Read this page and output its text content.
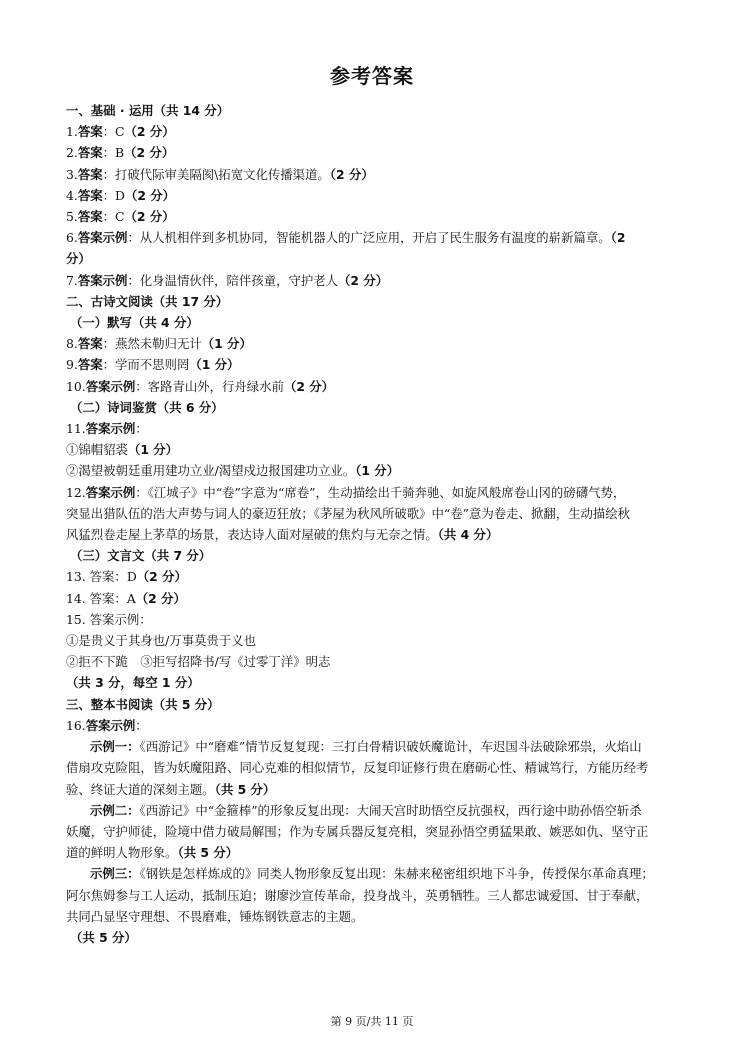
参考答案
一、基础 · 运用（共 14 分）
1.答案：C（2 分）
2.答案：B（2 分）
3.答案：打破代际审美隔阂\拓宽文化传播渠道。（2 分）
4.答案：D（2 分）
5.答案：C（2 分）
6.答案示例：从人机相伴到多机协同，智能机器人的广泛应用，开启了民生服务有温度的崭新篇章。（2
分）
7.答案示例：化身温情伙伴，陪伴孩童，守护老人（2 分）
二、古诗文阅读（共 17 分）
（一）默写（共 4 分）
8.答案：燕然未勒归无计（1 分）
9.答案：学而不思则罔（1 分）
10.答案示例：客路青山外，行舟绿水前（2 分）
（二）诗词鉴赏（共 6 分）
11.答案示例：
①锦帽貂裘（1 分）
②渴望被朝廷重用建功立业/渴望戍边报国建功立业。（1 分）
12.答案示例：《江城子》中“卷”字意为“席卷”，生动描绘出千骑奔驰、如旋风般席卷山冈的磅礴气势，
突显出猎队伍的浩大声势与词人的豪迈狂放；《茅屋为秋风所破歌》中“卷”意为卷走、掀翻，生动描绘秋
风猛烈卷走屋上茅草的场景，表达诗人面对屋破的焦灼与无奈之情。（共 4 分）
（三）文言文（共 7 分）
13. 答案：D（2 分）
14. 答案：A（2 分）
15. 答案示例：
①是贵义于其身也/万事莫贵于义也
②拒不下跪　③拒写招降书/写《过零丁洋》明志
（共 3 分，每空 1 分）
三、整本书阅读（共 5 分）
16.答案示例：
示例一：《西游记》中“磨难”情节反复复现：三打白骨精识破妖魔诡计，车迟国斗法破除邪祟，火焰山
借扇攻克险阻，皆为妖魔阻路、同心克难的相似情节，反复印证修行贵在磨砺心性、精诚笃行，方能历经考
验、终证大道的深刻主题。（共 5 分）
示例二：《西游记》中“金箍棒”的形象反复出现：大闹天宫时助悟空反抗强权，西行途中助孙悟空斩杀
妖魔，守护师徒，险境中借力破局解围；作为专属兵器反复亮相，突显孙悟空勇猛果敢、嫉恶如仇、坚守正
道的鲜明人物形象。（共 5 分）
示例三：《钢铁是怎样炼成的》同类人物形象反复出现：朱赫来秘密组织地下斗争，传授保尔革命真理；
阿尔焦姆参与工人运动，抵制压迫；谢廖沙宣传革命，投身战斗，英勇牺牲。三人都忠诚爱国、甘于奉献，
共同凸显坚守理想、不畏磨难，锤炼钢铁意志的主题。
（共 5 分）
第 9 页/共 11 页
